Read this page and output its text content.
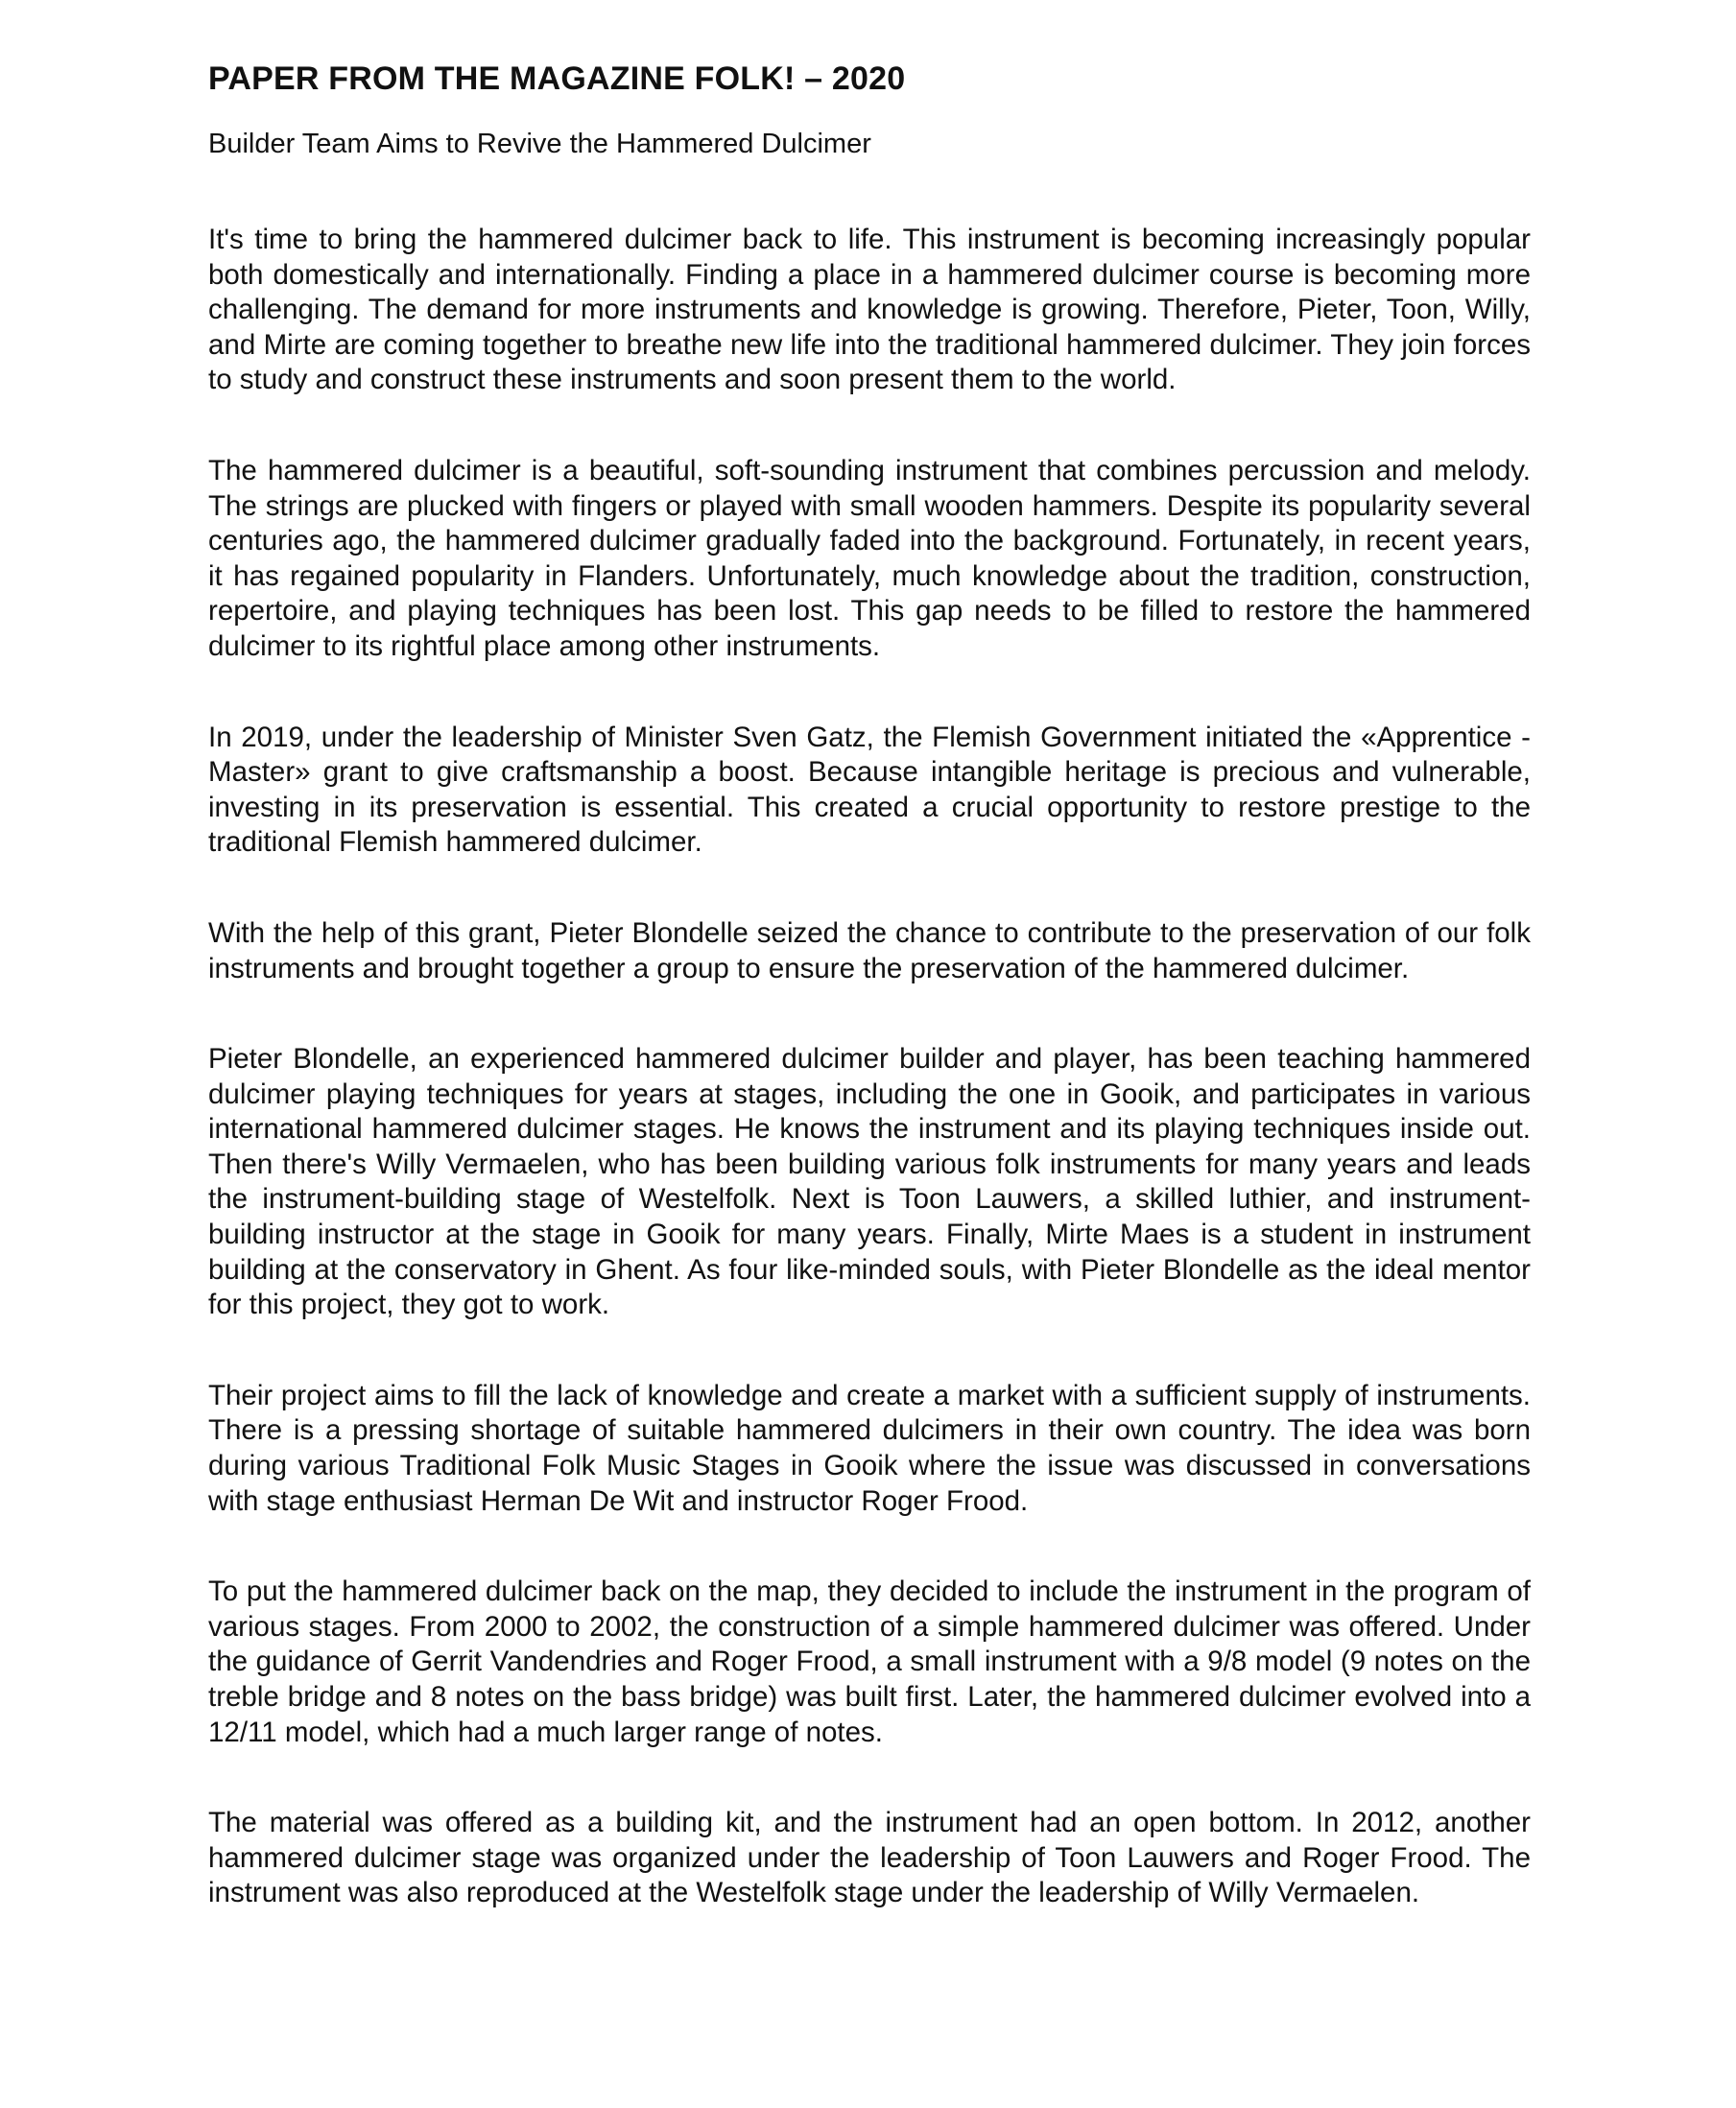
PAPER FROM THE MAGAZINE FOLK! – 2020
Builder Team Aims to Revive the Hammered Dulcimer

It's time to bring the hammered dulcimer back to life. This instrument is becoming increasingly popular both domestically and internationally. Finding a place in a hammered dulcimer course is becoming more challenging. The demand for more instruments and knowledge is growing. Therefore, Pieter, Toon, Willy, and Mirte are coming together to breathe new life into the traditional hammered dulcimer. They join forces to study and construct these instruments and soon present them to the world.

The hammered dulcimer is a beautiful, soft-sounding instrument that combines percussion and melody. The strings are plucked with fingers or played with small wooden hammers. Despite its popularity several centuries ago, the hammered dulcimer gradually faded into the background. Fortunately, in recent years, it has regained popularity in Flanders. Unfortunately, much knowledge about the tradition, construction, repertoire, and playing techniques has been lost. This gap needs to be filled to restore the hammered dulcimer to its rightful place among other instruments.

In 2019, under the leadership of Minister Sven Gatz, the Flemish Government initiated the «Apprentice - Master» grant to give craftsmanship a boost. Because intangible heritage is precious and vulnerable, investing in its preservation is essential. This created a crucial opportunity to restore prestige to the traditional Flemish hammered dulcimer.

With the help of this grant, Pieter Blondelle seized the chance to contribute to the preservation of our folk instruments and brought together a group to ensure the preservation of the hammered dulcimer.

Pieter Blondelle, an experienced hammered dulcimer builder and player, has been teaching hammered dulcimer playing techniques for years at stages, including the one in Gooik, and participates in various international hammered dulcimer stages. He knows the instrument and its playing techniques inside out. Then there's Willy Vermaelen, who has been building various folk instruments for many years and leads the instrument-building stage of Westelfolk. Next is Toon Lauwers, a skilled luthier, and instrument-building instructor at the stage in Gooik for many years. Finally, Mirte Maes is a student in instrument building at the conservatory in Ghent. As four like-minded souls, with Pieter Blondelle as the ideal mentor for this project, they got to work.

Their project aims to fill the lack of knowledge and create a market with a sufficient supply of instruments. There is a pressing shortage of suitable hammered dulcimers in their own country. The idea was born during various Traditional Folk Music Stages in Gooik where the issue was discussed in conversations with stage enthusiast Herman De Wit and instructor Roger Frood.

To put the hammered dulcimer back on the map, they decided to include the instrument in the program of various stages. From 2000 to 2002, the construction of a simple hammered dulcimer was offered. Under the guidance of Gerrit Vandendries and Roger Frood, a small instrument with a 9/8 model (9 notes on the treble bridge and 8 notes on the bass bridge) was built first. Later, the hammered dulcimer evolved into a 12/11 model, which had a much larger range of notes.

The material was offered as a building kit, and the instrument had an open bottom. In 2012, another hammered dulcimer stage was organized under the leadership of Toon Lauwers and Roger Frood. The instrument was also reproduced at the Westelfolk stage under the leadership of Willy Vermaelen.
